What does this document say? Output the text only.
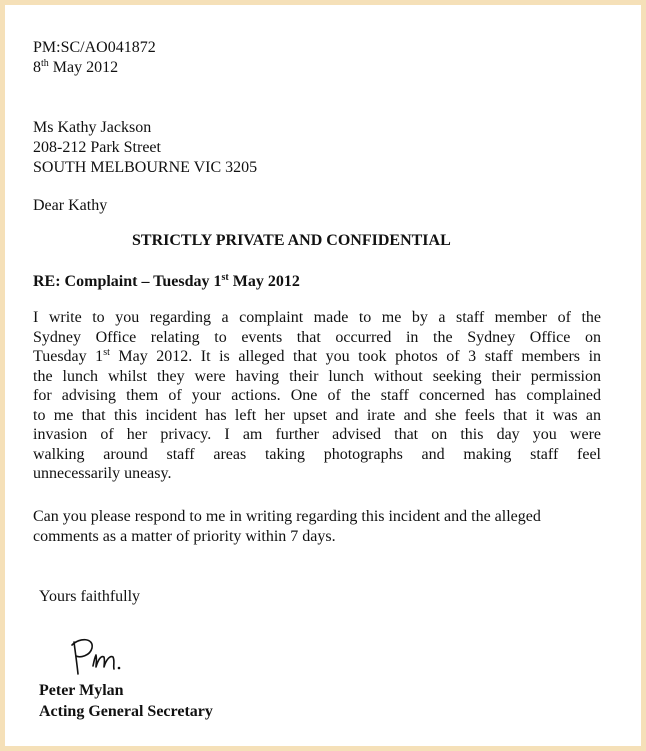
PM:SC/AO041872

8th May 2012

Ms Kathy Jackson

208-212 Park Street

SOUTH MELBOURNE VIC 3205

Dear Kathy

STRICTLY PRIVATE AND CONFIDENTIAL

RE: Complaint – Tuesday 1st May 2012

I write to you regarding a complaint made to me by a staff member of the

Sydney Office relating to events that occurred in the Sydney Office on

Tuesday 1st May 2012. It is alleged that you took photos of 3 staff members in

the lunch whilst they were having their lunch without seeking their permission

for advising them of your actions. One of the staff concerned has complained

to me that this incident has left her upset and irate and she feels that it was an

invasion of her privacy. I am further advised that on this day you were

walking around staff areas taking photographs and making staff feel

unnecessarily uneasy.

Can you please respond to me in writing regarding this incident and the alleged

comments as a matter of priority within 7 days.

Yours faithfully

Peter Mylan

Acting General Secretary
